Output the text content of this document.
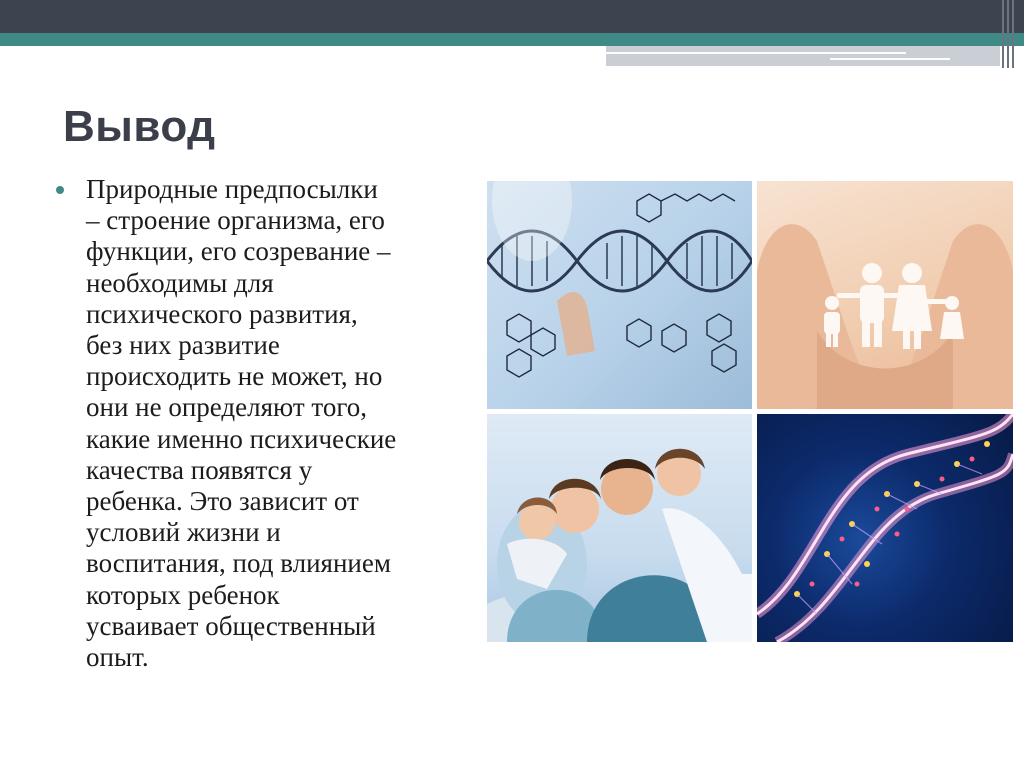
Вывод
Природные предпосылки
– строение организма, его
функции, его созревание –
необходимы для
психического развития,
без них развитие
происходить не может, но
они не определяют того,
какие именно психические
качества появятся у
ребенка. Это зависит от
условий жизни и
воспитания, под влиянием
которых ребенок
усваивает общественный
опыт.
